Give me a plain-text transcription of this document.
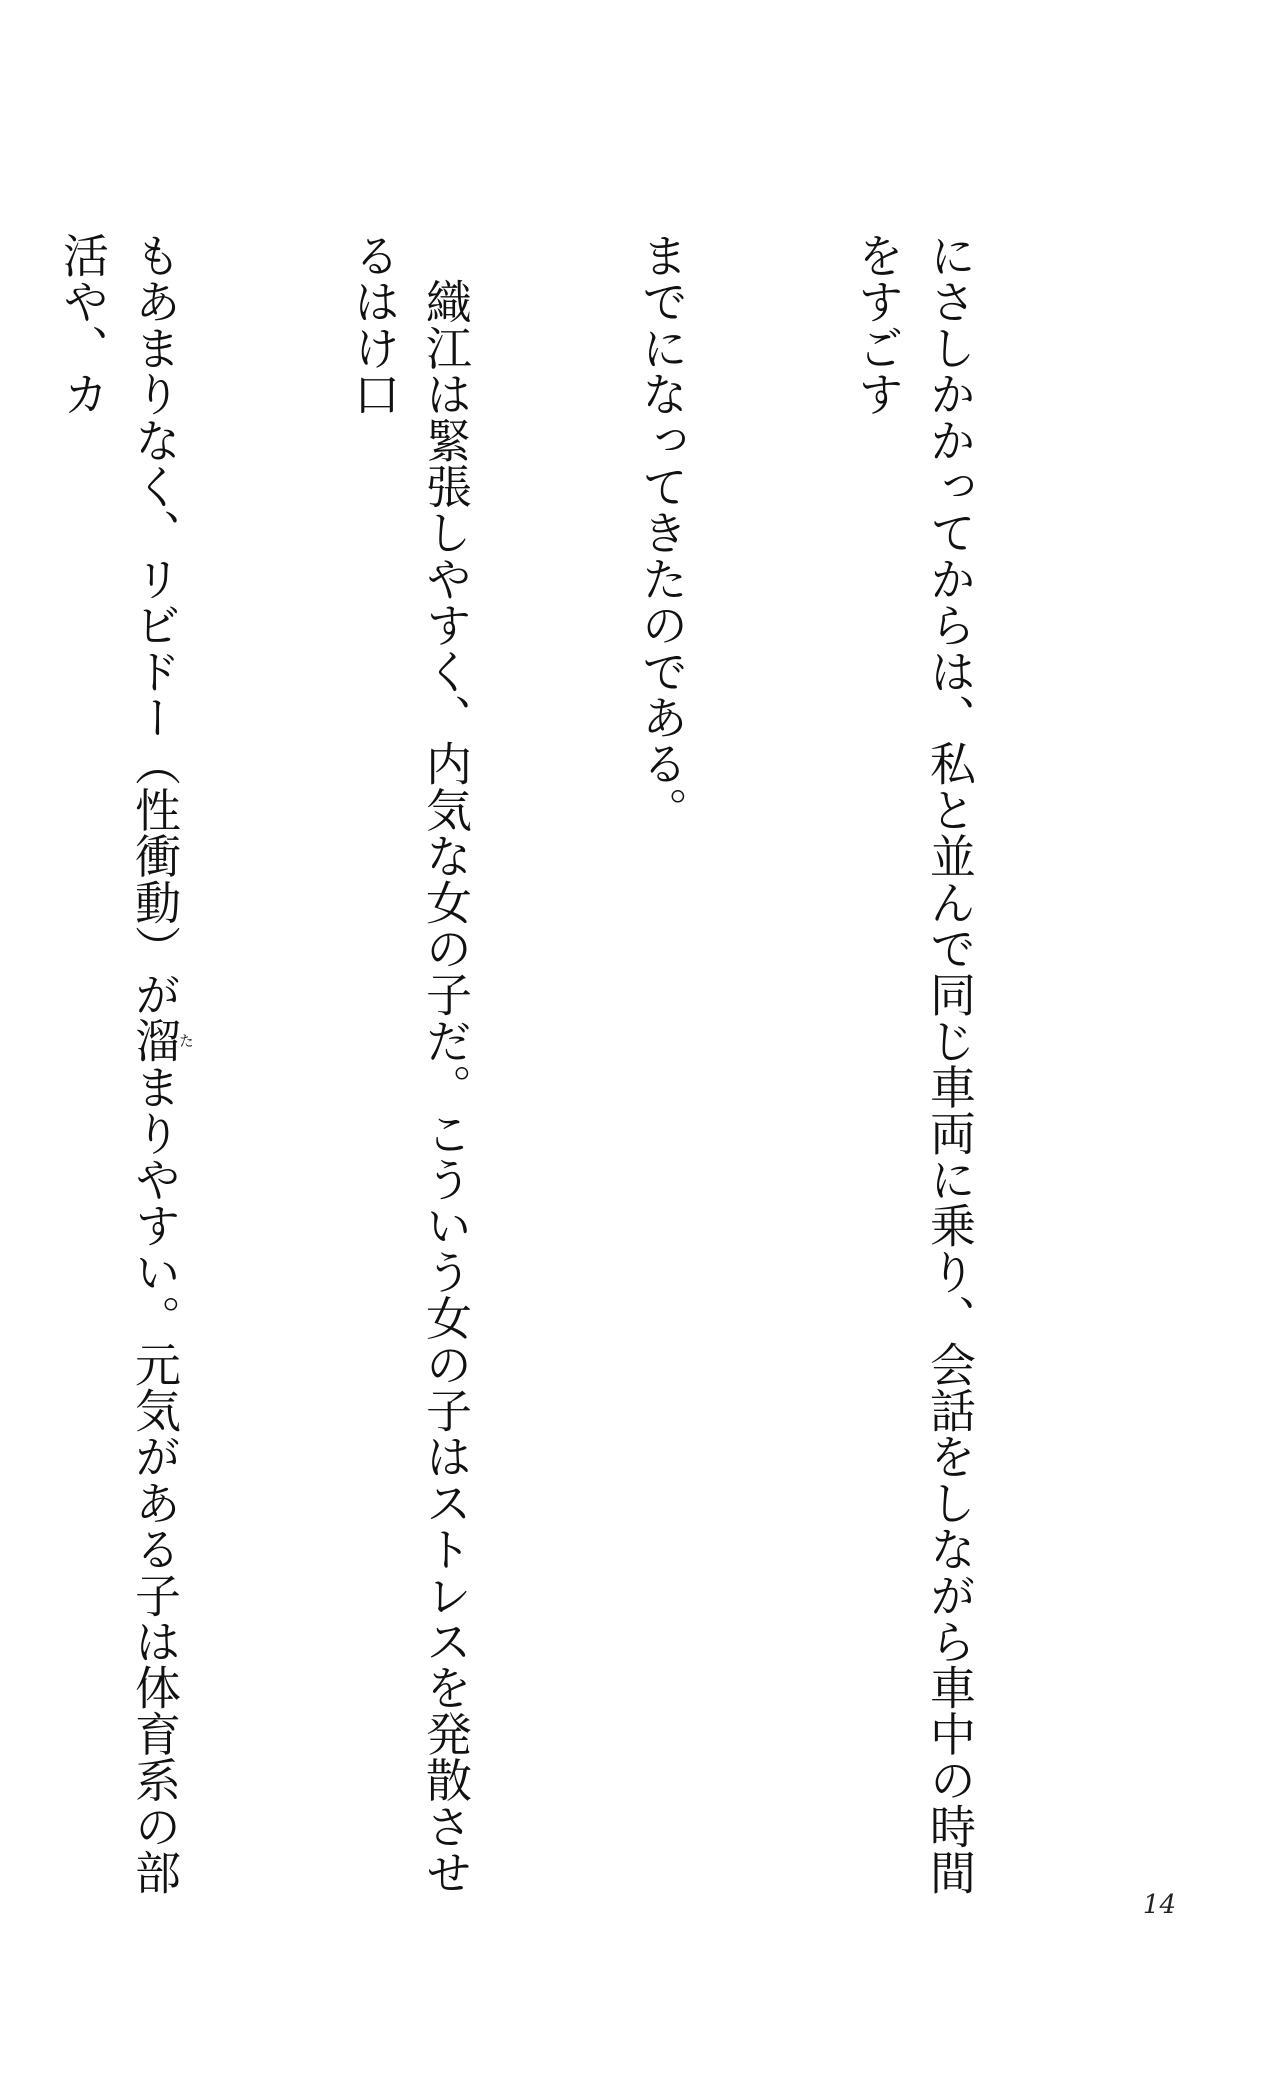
にさしかかってからは、私と並んで同じ車両に乗り、会話をしながら車中の時間をすごす

までになってきたのである。

　織江は緊張しやすく、内気な女の子だ。こういう女の子はストレスを発散させるはけ口

もあまりなく、リビドー（性衝動）が溜たまりやすい。元気がある子は体育系の部活や、カ

14
